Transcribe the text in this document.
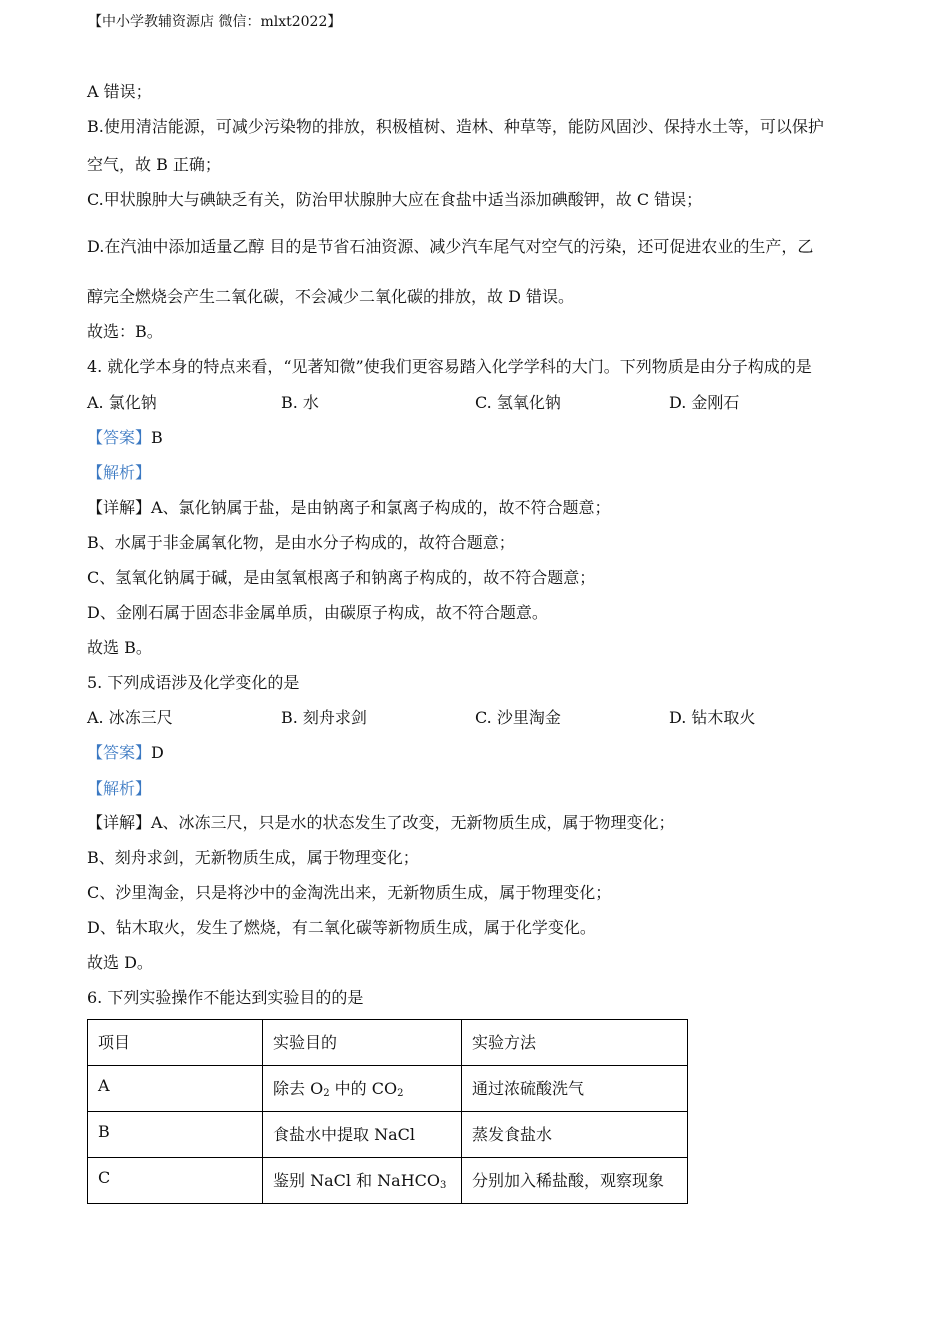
【中小学教辅资源店 微信：mlxt2022】
A 错误；
B.使用清洁能源，可减少污染物的排放，积极植树、造林、种草等，能防风固沙、保持水土等，可以保护
空气，故 B 正确；
C.甲状腺肿大与碘缺乏有关，防治甲状腺肿大应在食盐中适当添加碘酸钾，故 C 错误；
D.在汽油中添加适量乙醇 目的是节省石油资源、减少汽车尾气对空气的污染，还可促进农业的生产，乙
醇完全燃烧会产生二氧化碳，不会减少二氧化碳的排放，故 D 错误。
故选：B。
4. 就化学本身的特点来看，“见著知微”使我们更容易踏入化学学科的大门。下列物质是由分子构成的是
A. 氯化钠	B. 水	C. 氢氧化钠	D. 金刚石
【答案】B
【解析】
【详解】A、氯化钠属于盐，是由钠离子和氯离子构成的，故不符合题意；
B、水属于非金属氧化物，是由水分子构成的，故符合题意；
C、氢氧化钠属于碱，是由氢氧根离子和钠离子构成的，故不符合题意；
D、金刚石属于固态非金属单质，由碳原子构成，故不符合题意。
故选 B。
5. 下列成语涉及化学变化的是
A. 冰冻三尺	B. 刻舟求剑	C. 沙里淘金	D. 钻木取火
【答案】D
【解析】
【详解】A、冰冻三尺，只是水的状态发生了改变，无新物质生成，属于物理变化；
B、刻舟求剑，无新物质生成，属于物理变化；
C、沙里淘金，只是将沙中的金淘洗出来，无新物质生成，属于物理变化；
D、钻木取火，发生了燃烧，有二氧化碳等新物质生成，属于化学变化。
故选 D。
6. 下列实验操作不能达到实验目的的是
项目	实验目的	实验方法
A	除去 $O_2$ 中的 $CO_2$	通过浓硫酸洗气
B	食盐水中提取 NaCl	蒸发食盐水
C	鉴别 NaCl 和 NaHCO$_3$	分别加入稀盐酸，观察现象
